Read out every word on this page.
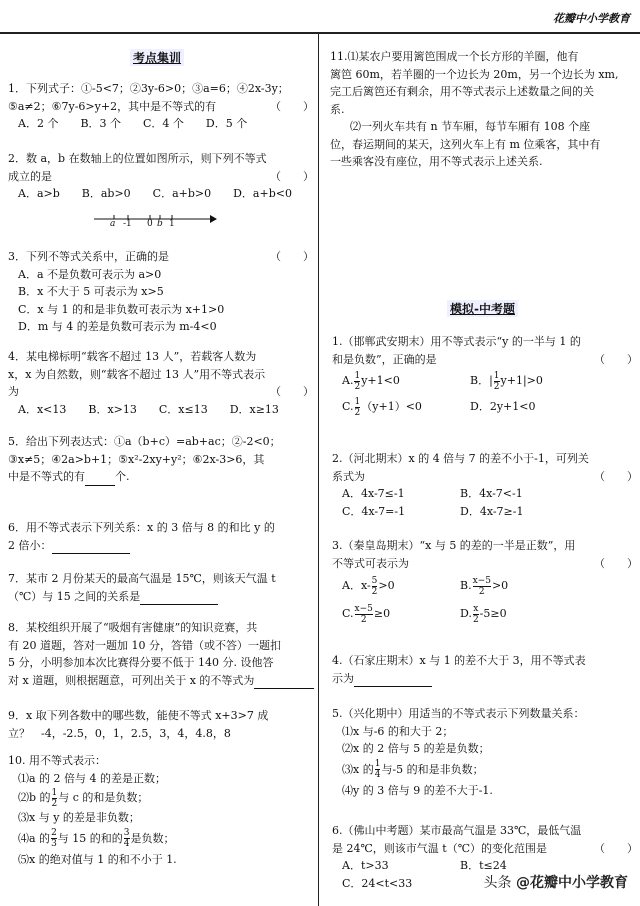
花瓣中小学教育
考点集训

1．下列式子：①-5<7；②3y-6>0；③a=6；④2x-3y；

⑤a≠2；⑥7y-6>y+2，其中是不等式的有	（　　）

A．2 个　　B．3 个　　C．4 个　　D．5 个

2．数 a，b 在数轴上的位置如图所示，则下列不等式

成立的是	（　　）

A．a>b　　B．ab>0　　C．a+b>0　　D．a+b<0

a -1 0 b 1

3．下列不等式关系中，正确的是	（　　）

A．a 不是负数可表示为 a>0

B．x 不大于 5 可表示为 x>5

C．x 与 1 的和是非负数可表示为 x+1>0

D．m 与 4 的差是负数可表示为 m-4<0

4．某电梯标明“载客不超过 13 人”，若载客人数为

x，x 为自然数，则“载客不超过 13 人”用不等式表示

为	（　　）

A．x<13　　B．x>13　　C．x≤13　　D．x≥13

5．给出下列表达式：①a（b+c）=ab+ac；②-2<0；

③x≠5；④2a>b+1；⑤x²-2xy+y²；⑥2x-3>6，其

中是不等式的有	个.

6．用不等式表示下列关系：x 的 3 倍与 8 的和比 y 的

2 倍小：

7．某市 2 月份某天的最高气温是 15℃，则该天气温 t

（℃）与 15 之间的关系是

8．某校组织开展了“吸烟有害健康”的知识竞赛，共

有 20 道题，答对一题加 10 分，答错（或不答）一题扣

5 分，小明参加本次比赛得分要不低于 140 分. 设他答

对 x 道题，则根据题意，可列出关于 x 的不等式为

9．x 取下列各数中的哪些数，能使不等式 x+3>7 成

立？　-4，-2.5，0，1，2.5，3，4，4.8，8

10. 用不等式表示：

⑴a 的 2 倍与 4 的差是正数；

⑵b 的 $\frac{1}{2}$ 与 c 的和是负数；

⑶x 与 y 的差是非负数；

⑷a 的 $\frac{2}{3}$ 与 15 的和的 $\frac{3}{4}$ 是负数；

⑸x 的绝对值与 1 的和不小于 1.

11.⑴某农户要用篱笆围成一个长方形的羊圈，他有

篱笆 60m，若羊圈的一个边长为 20m，另一个边长为 xm,

完工后篱笆还有剩余，用不等式表示上述数量之间的关

系.

⑵一列火车共有 n 节车厢，每节车厢有 108 个座

位，春运期间的某天，这列火车上有 m 位乘客，其中有

一些乘客没有座位，用不等式表示上述关系.

模拟-中考题

1.（邯郸武安期末）用不等式表示“y 的一半与 1 的

和是负数”，正确的是	（　　）

A. $\frac{1}{2} y+1<0$	B．| $\frac{1}{2} y+1|>0$

C. $\frac{1}{2} (y+1)<0$	D．2y+1<0

2.（河北期末）x 的 4 倍与 7 的差不小于-1，可列关

系式为	（　　）

A．4x-7≤-1	B．4x-7<-1

C．4x-7=-1	D．4x-7≥-1

3.（秦皇岛期末）“x 与 5 的差的一半是正数”，用

不等式可表示为	（　　）

A．$x- \frac{5}{2} >0$	B. $\frac{x-5}{2} >0$

C. $\frac{x-5}{2} \ge 0$	D. $\frac{x}{2} -5\ge 0$

4.（石家庄期末）x 与 1 的差不大于 3，用不等式表

示为

5.（兴化期中）用适当的不等式表示下列数量关系：

⑴x 与-6 的和大于 2；

⑵x 的 2 倍与 5 的差是负数；

⑶x 的 $\frac{1}{4}$ 与-5 的和是非负数；

⑷y 的 3 倍与 9 的差不大于-1.

6.（佛山中考题）某市最高气温是 33℃，最低气温

是 24℃，则该市气温 t（℃）的变化范围是	（　　）

A．t>33	B．t≤24

C．24<t<33	头条 @花瓣中小学教育
